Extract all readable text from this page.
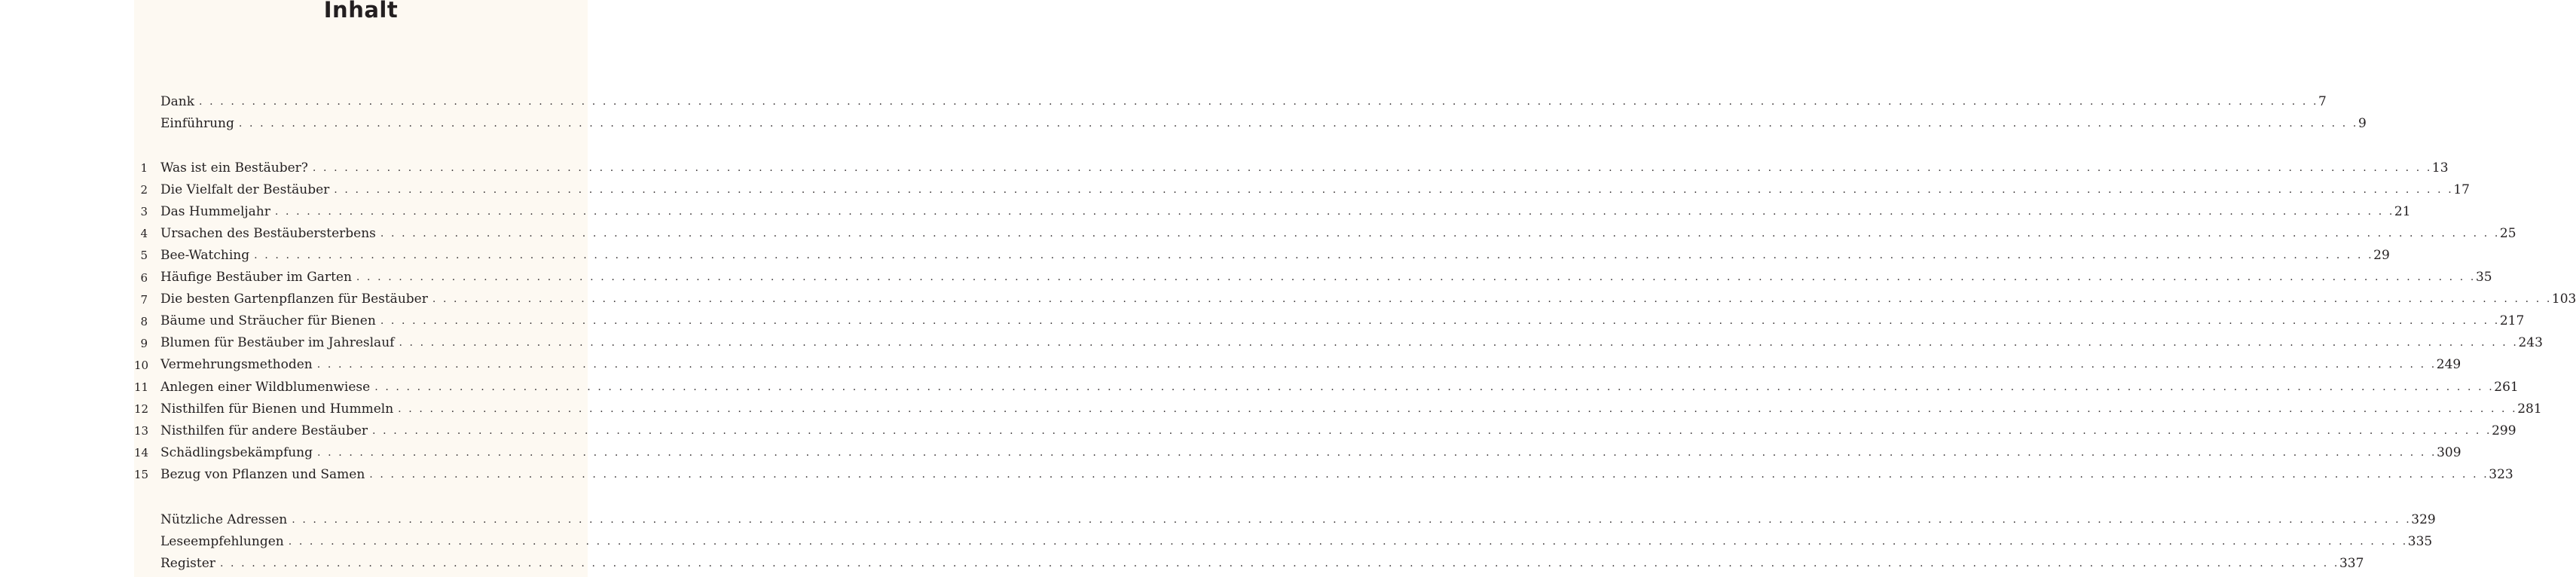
Inhalt
Dank . . . . . . . . . . . . . . . . . . . . . . . . . . . . . . . . . . . . . . . . . . . . . . . . . . . . . . . . . . . . . . . . . . . . . . . . . . . . . . . . . . . . . . . . . . . . . . . . . . . . . . . . . . . . . . . . . . . . . . . . . . . . . . . . . . . . . . . . . . . . . . . . . . . . . . . . . . . . . . . . . . . . . . . . . . . . . . . . . . . . . . . . . . . . . . . . . . . . . . . . 7
Einführung . . . . . . . . . . . . . . . . . . . . . . . . . . . . . . . . . . . . . . . . . . . . . . . . . . . . . . . . . . . . . . . . . . . . . . . . . . . . . . . . . . . . . . . . . . . . . . . . . . . . . . . . . . . . . . . . . . . . . . . . . . . . . . . . . . . . . . . . . . . . . . . . . . . . . . . . . . . . . . . . . . . . . . . . . . . . . . . . . . . . . . . . . . . . . . . . . . . . . . . . 9
1 Was ist ein Bestäuber? . . . . . . . . . . . . . . . . . . . . . . . . . . . . . . . . . . . . . . . . . . . . . . . . . . . . . . . . . . . . . . . . . . . . . . . . . . . . . . . . . . . . . . . . . . . . . . . . . . . . . . . . . . . . . . . . . . . . . . . . . . . . . . . . . . . . . . . . . . . . . . . . . . . . . . . . . . . . . . . . . . . . . . . . . . . . . . . . . . . . . . . . . . . . . . . . . . . . . . . . 13
2 Die Vielfalt der Bestäuber . . . . . . . . . . . . . . . . . . . . . . . . . . . . . . . . . . . . . . . . . . . . . . . . . . . . . . . . . . . . . . . . . . . . . . . . . . . . . . . . . . . . . . . . . . . . . . . . . . . . . . . . . . . . . . . . . . . . . . . . . . . . . . . . . . . . . . . . . . . . . . . . . . . . . . . . . . . . . . . . . . . . . . . . . . . . . . . . . . . . . . . . . . . . . . . . . . . . . . . . 17
3 Das Hummeljahr . . . . . . . . . . . . . . . . . . . . . . . . . . . . . . . . . . . . . . . . . . . . . . . . . . . . . . . . . . . . . . . . . . . . . . . . . . . . . . . . . . . . . . . . . . . . . . . . . . . . . . . . . . . . . . . . . . . . . . . . . . . . . . . . . . . . . . . . . . . . . . . . . . . . . . . . . . . . . . . . . . . . . . . . . . . . . . . . . . . . . . . . . . . . . . . . . . . . . . . . 21
4 Ursachen des Bestäubersterbens . . . . . . . . . . . . . . . . . . . . . . . . . . . . . . . . . . . . . . . . . . . . . . . . . . . . . . . . . . . . . . . . . . . . . . . . . . . . . . . . . . . . . . . . . . . . . . . . . . . . . . . . . . . . . . . . . . . . . . . . . . . . . . . . . . . . . . . . . . . . . . . . . . . . . . . . . . . . . . . . . . . . . . . . . . . . . . . . . . . . . . . . . . . . . . . . . . . . . . . . 25
5 Bee-Watching . . . . . . . . . . . . . . . . . . . . . . . . . . . . . . . . . . . . . . . . . . . . . . . . . . . . . . . . . . . . . . . . . . . . . . . . . . . . . . . . . . . . . . . . . . . . . . . . . . . . . . . . . . . . . . . . . . . . . . . . . . . . . . . . . . . . . . . . . . . . . . . . . . . . . . . . . . . . . . . . . . . . . . . . . . . . . . . . . . . . . . . . . . . . . . . . . . . . . . . . 29
6 Häufige Bestäuber im Garten . . . . . . . . . . . . . . . . . . . . . . . . . . . . . . . . . . . . . . . . . . . . . . . . . . . . . . . . . . . . . . . . . . . . . . . . . . . . . . . . . . . . . . . . . . . . . . . . . . . . . . . . . . . . . . . . . . . . . . . . . . . . . . . . . . . . . . . . . . . . . . . . . . . . . . . . . . . . . . . . . . . . . . . . . . . . . . . . . . . . . . . . . . . . . . . . . . . . . . . . 35
7 Die besten Gartenpflanzen für Bestäuber . . . . . . . . . . . . . . . . . . . . . . . . . . . . . . . . . . . . . . . . . . . . . . . . . . . . . . . . . . . . . . . . . . . . . . . . . . . . . . . . . . . . . . . . . . . . . . . . . . . . . . . . . . . . . . . . . . . . . . . . . . . . . . . . . . . . . . . . . . . . . . . . . . . . . . . . . . . . . . . . . . . . . . . . . . . . . . . . . . . . . . . . . . . . . . . . . . . . . . . . 103
8 Bäume und Sträucher für Bienen . . . . . . . . . . . . . . . . . . . . . . . . . . . . . . . . . . . . . . . . . . . . . . . . . . . . . . . . . . . . . . . . . . . . . . . . . . . . . . . . . . . . . . . . . . . . . . . . . . . . . . . . . . . . . . . . . . . . . . . . . . . . . . . . . . . . . . . . . . . . . . . . . . . . . . . . . . . . . . . . . . . . . . . . . . . . . . . . . . . . . . . . . . . . . . . . . . . . . . . . 217
9 Blumen für Bestäuber im Jahreslauf . . . . . . . . . . . . . . . . . . . . . . . . . . . . . . . . . . . . . . . . . . . . . . . . . . . . . . . . . . . . . . . . . . . . . . . . . . . . . . . . . . . . . . . . . . . . . . . . . . . . . . . . . . . . . . . . . . . . . . . . . . . . . . . . . . . . . . . . . . . . . . . . . . . . . . . . . . . . . . . . . . . . . . . . . . . . . . . . . . . . . . . . . . . . . . . . . . . . . . . . 243
10 Vermehrungsmethoden . . . . . . . . . . . . . . . . . . . . . . . . . . . . . . . . . . . . . . . . . . . . . . . . . . . . . . . . . . . . . . . . . . . . . . . . . . . . . . . . . . . . . . . . . . . . . . . . . . . . . . . . . . . . . . . . . . . . . . . . . . . . . . . . . . . . . . . . . . . . . . . . . . . . . . . . . . . . . . . . . . . . . . . . . . . . . . . . . . . . . . . . . . . . . . . . . . . . . . . . 249
11 Anlegen einer Wildblumenwiese . . . . . . . . . . . . . . . . . . . . . . . . . . . . . . . . . . . . . . . . . . . . . . . . . . . . . . . . . . . . . . . . . . . . . . . . . . . . . . . . . . . . . . . . . . . . . . . . . . . . . . . . . . . . . . . . . . . . . . . . . . . . . . . . . . . . . . . . . . . . . . . . . . . . . . . . . . . . . . . . . . . . . . . . . . . . . . . . . . . . . . . . . . . . . . . . . . . . . . . . 261
12 Nisthilfen für Bienen und Hummeln . . . . . . . . . . . . . . . . . . . . . . . . . . . . . . . . . . . . . . . . . . . . . . . . . . . . . . . . . . . . . . . . . . . . . . . . . . . . . . . . . . . . . . . . . . . . . . . . . . . . . . . . . . . . . . . . . . . . . . . . . . . . . . . . . . . . . . . . . . . . . . . . . . . . . . . . . . . . . . . . . . . . . . . . . . . . . . . . . . . . . . . . . . . . . . . . . . . . . . . . 281
13 Nisthilfen für andere Bestäuber . . . . . . . . . . . . . . . . . . . . . . . . . . . . . . . . . . . . . . . . . . . . . . . . . . . . . . . . . . . . . . . . . . . . . . . . . . . . . . . . . . . . . . . . . . . . . . . . . . . . . . . . . . . . . . . . . . . . . . . . . . . . . . . . . . . . . . . . . . . . . . . . . . . . . . . . . . . . . . . . . . . . . . . . . . . . . . . . . . . . . . . . . . . . . . . . . . . . . . . . 299
14 Schädlingsbekämpfung . . . . . . . . . . . . . . . . . . . . . . . . . . . . . . . . . . . . . . . . . . . . . . . . . . . . . . . . . . . . . . . . . . . . . . . . . . . . . . . . . . . . . . . . . . . . . . . . . . . . . . . . . . . . . . . . . . . . . . . . . . . . . . . . . . . . . . . . . . . . . . . . . . . . . . . . . . . . . . . . . . . . . . . . . . . . . . . . . . . . . . . . . . . . . . . . . . . . . . . . 309
15 Bezug von Pflanzen und Samen . . . . . . . . . . . . . . . . . . . . . . . . . . . . . . . . . . . . . . . . . . . . . . . . . . . . . . . . . . . . . . . . . . . . . . . . . . . . . . . . . . . . . . . . . . . . . . . . . . . . . . . . . . . . . . . . . . . . . . . . . . . . . . . . . . . . . . . . . . . . . . . . . . . . . . . . . . . . . . . . . . . . . . . . . . . . . . . . . . . . . . . . . . . . . . . . . . . . . . . . 323
Nützliche Adressen . . . . . . . . . . . . . . . . . . . . . . . . . . . . . . . . . . . . . . . . . . . . . . . . . . . . . . . . . . . . . . . . . . . . . . . . . . . . . . . . . . . . . . . . . . . . . . . . . . . . . . . . . . . . . . . . . . . . . . . . . . . . . . . . . . . . . . . . . . . . . . . . . . . . . . . . . . . . . . . . . . . . . . . . . . . . . . . . . . . . . . . . . . . . . . . . . . . . . . . . 329
Leseempfehlungen . . . . . . . . . . . . . . . . . . . . . . . . . . . . . . . . . . . . . . . . . . . . . . . . . . . . . . . . . . . . . . . . . . . . . . . . . . . . . . . . . . . . . . . . . . . . . . . . . . . . . . . . . . . . . . . . . . . . . . . . . . . . . . . . . . . . . . . . . . . . . . . . . . . . . . . . . . . . . . . . . . . . . . . . . . . . . . . . . . . . . . . . . . . . . . . . . . . . . . . . 335
Register . . . . . . . . . . . . . . . . . . . . . . . . . . . . . . . . . . . . . . . . . . . . . . . . . . . . . . . . . . . . . . . . . . . . . . . . . . . . . . . . . . . . . . . . . . . . . . . . . . . . . . . . . . . . . . . . . . . . . . . . . . . . . . . . . . . . . . . . . . . . . . . . . . . . . . . . . . . . . . . . . . . . . . . . . . . . . . . . . . . . . . . . . . . . . . . . . . . . . . . . 337
